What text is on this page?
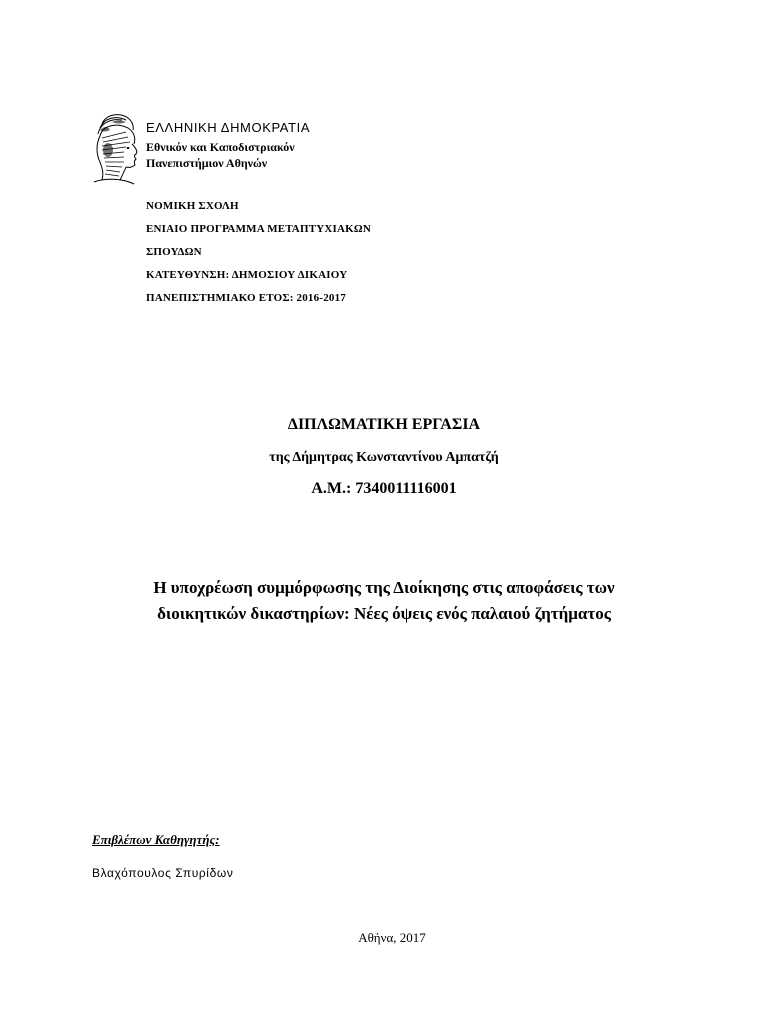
ΕΛΛΗΝΙΚΗ ΔΗΜΟΚΡΑΤΙΑ
Εθνικόν και Καποδιστριακόν
Πανεπιστήμιον Αθηνών
ΝΟΜΙΚΗ ΣΧΟΛΗ
ΕΝΙΑΙΟ ΠΡΟΓΡΑΜΜΑ ΜΕΤΑΠΤΥΧΙΑΚΩΝ
ΣΠΟΥΔΩΝ
ΚΑΤΕΥΘΥΝΣΗ: ΔΗΜΟΣΙΟΥ ΔΙΚΑΙΟΥ
ΠΑΝΕΠΙΣΤΗΜΙΑΚΟ ΕΤΟΣ: 2016-2017
ΔΙΠΛΩΜΑΤΙΚΗ ΕΡΓΑΣΙΑ
της Δήμητρας Κωνσταντίνου Αμπατζή
Α.Μ.: 7340011116001
Η υποχρέωση συμμόρφωσης της Διοίκησης στις αποφάσεις των
διοικητικών δικαστηρίων: Νέες όψεις ενός παλαιού ζητήματος
Επιβλέπων Καθηγητής:
Βλαχόπουλος Σπυρίδων
Αθήνα, 2017
